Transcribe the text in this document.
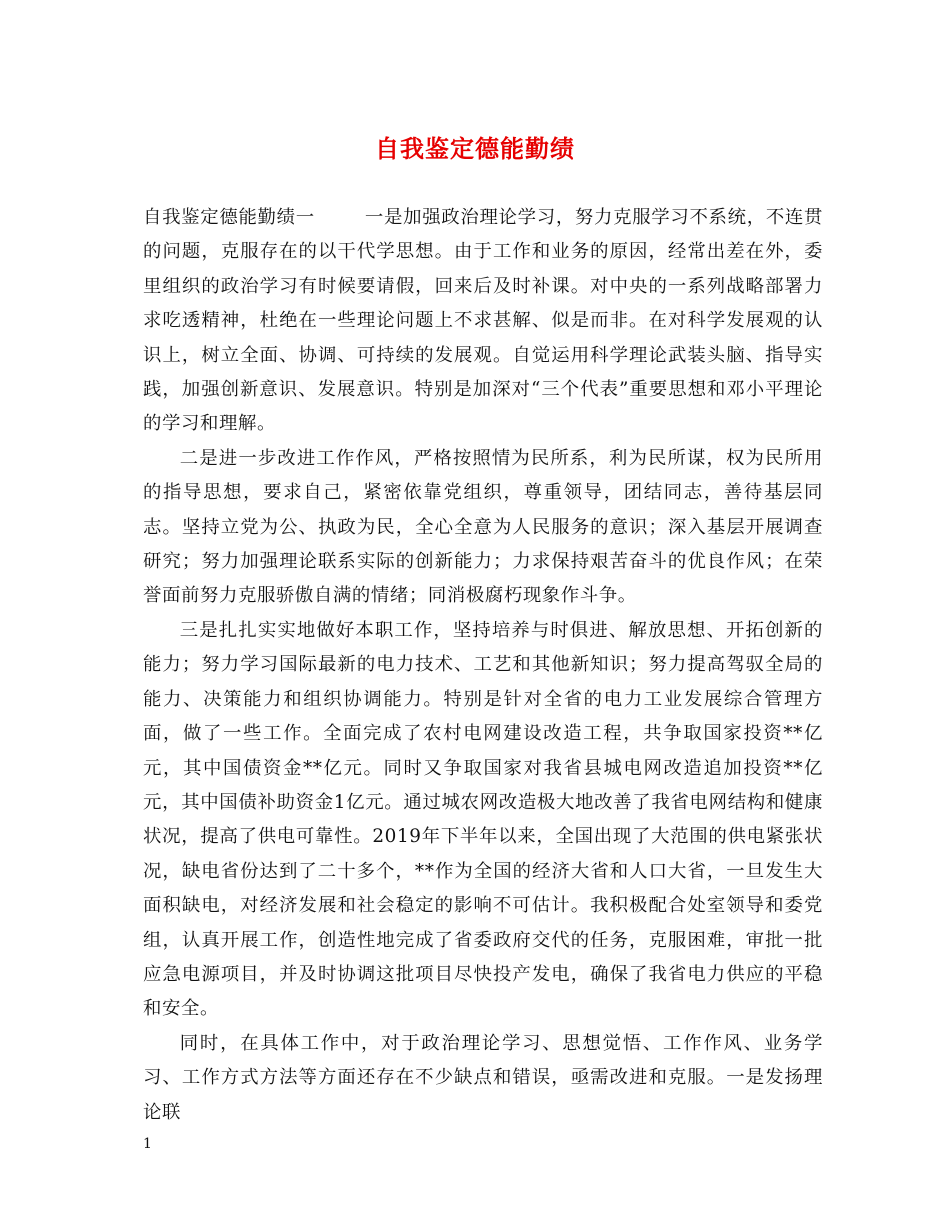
自我鉴定德能勤绩

自我鉴定德能勤绩一	一是加强政治理论学习，努力克服学习不系统，不连贯的问题，克服存在的以干代学思想。由于工作和业务的原因，经常出差在外，委里组织的政治学习有时候要请假，回来后及时补课。对中央的一系列战略部署力求吃透精神，杜绝在一些理论问题上不求甚解、似是而非。在对科学发展观的认识上，树立全面、协调、可持续的发展观。自觉运用科学理论武装头脑、指导实践，加强创新意识、发展意识。特别是加深对“三个代表”重要思想和邓小平理论的学习和理解。

二是进一步改进工作作风，严格按照情为民所系，利为民所谋，权为民所用的指导思想，要求自己，紧密依靠党组织，尊重领导，团结同志，善待基层同志。坚持立党为公、执政为民，全心全意为人民服务的意识；深入基层开展调查研究；努力加强理论联系实际的创新能力；力求保持艰苦奋斗的优良作风；在荣誉面前努力克服骄傲自满的情绪；同消极腐朽现象作斗争。

三是扎扎实实地做好本职工作，坚持培养与时俱进、解放思想、开拓创新的能力；努力学习国际最新的电力技术、工艺和其他新知识；努力提高驾驭全局的能力、决策能力和组织协调能力。特别是针对全省的电力工业发展综合管理方面，做了一些工作。全面完成了农村电网建设改造工程，共争取国家投资**亿元，其中国债资金**亿元。同时又争取国家对我省县城电网改造追加投资**亿元，其中国债补助资金1亿元。通过城农网改造极大地改善了我省电网结构和健康状况，提高了供电可靠性。2019年下半年以来，全国出现了大范围的供电紧张状况，缺电省份达到了二十多个，**作为全国的经济大省和人口大省，一旦发生大面积缺电，对经济发展和社会稳定的影响不可估计。我积极配合处室领导和委党组，认真开展工作，创造性地完成了省委政府交代的任务，克服困难，审批一批应急电源项目，并及时协调这批项目尽快投产发电，确保了我省电力供应的平稳和安全。

同时，在具体工作中，对于政治理论学习、思想觉悟、工作作风、业务学习、工作方式方法等方面还存在不少缺点和错误，亟需改进和克服。一是发扬理论联

1
